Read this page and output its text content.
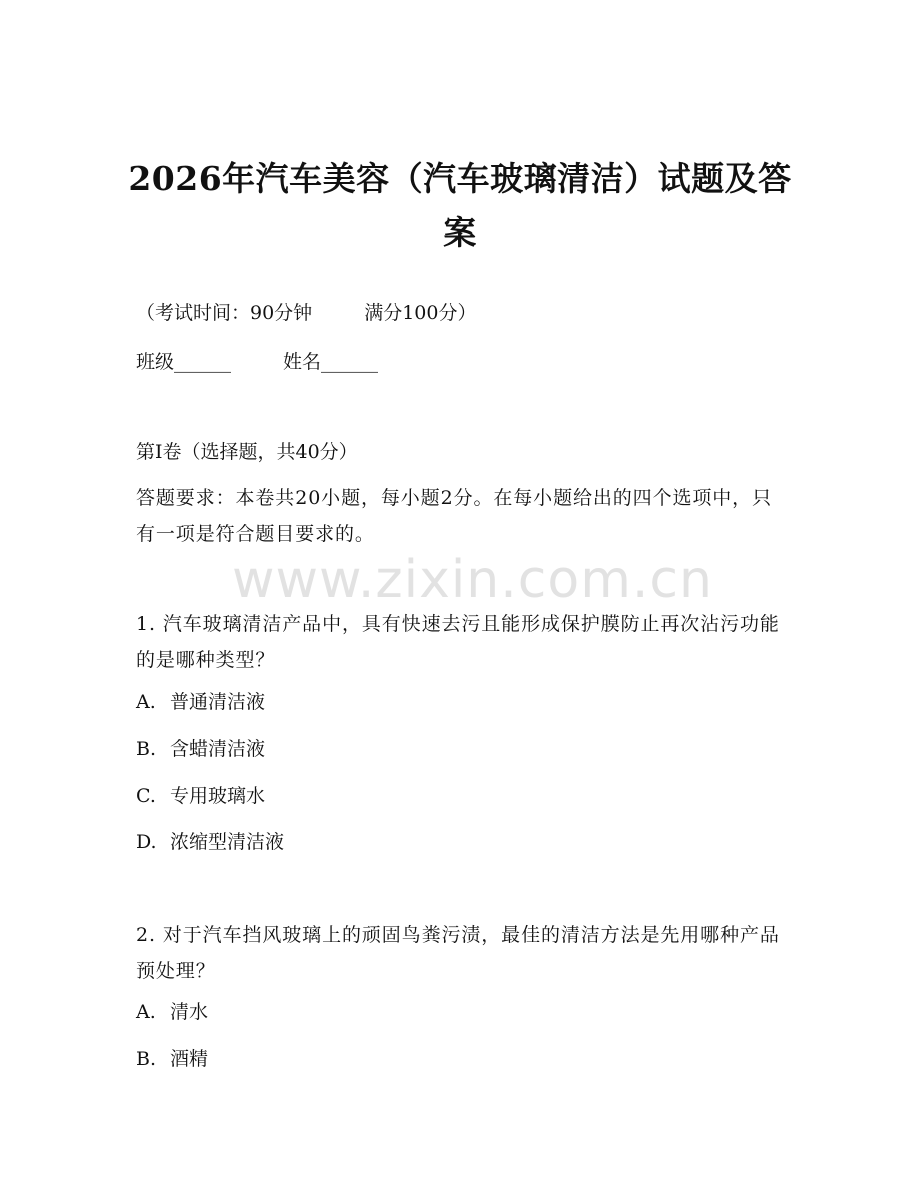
2026年汽车美容（汽车玻璃清洁）试题及答案
（考试时间：90分钟	满分100分）
班级______	姓名______
第I卷（选择题，共40分）
答题要求：本卷共20小题，每小题2分。在每小题给出的四个选项中，只有一项是符合题目要求的。
www.zixin.com.cn
1. 汽车玻璃清洁产品中，具有快速去污且能形成保护膜防止再次沾污功能的是哪种类型？
A. 普通清洁液
B. 含蜡清洁液
C. 专用玻璃水
D. 浓缩型清洁液
2. 对于汽车挡风玻璃上的顽固鸟粪污渍，最佳的清洁方法是先用哪种产品预处理？
A. 清水
B. 酒精
